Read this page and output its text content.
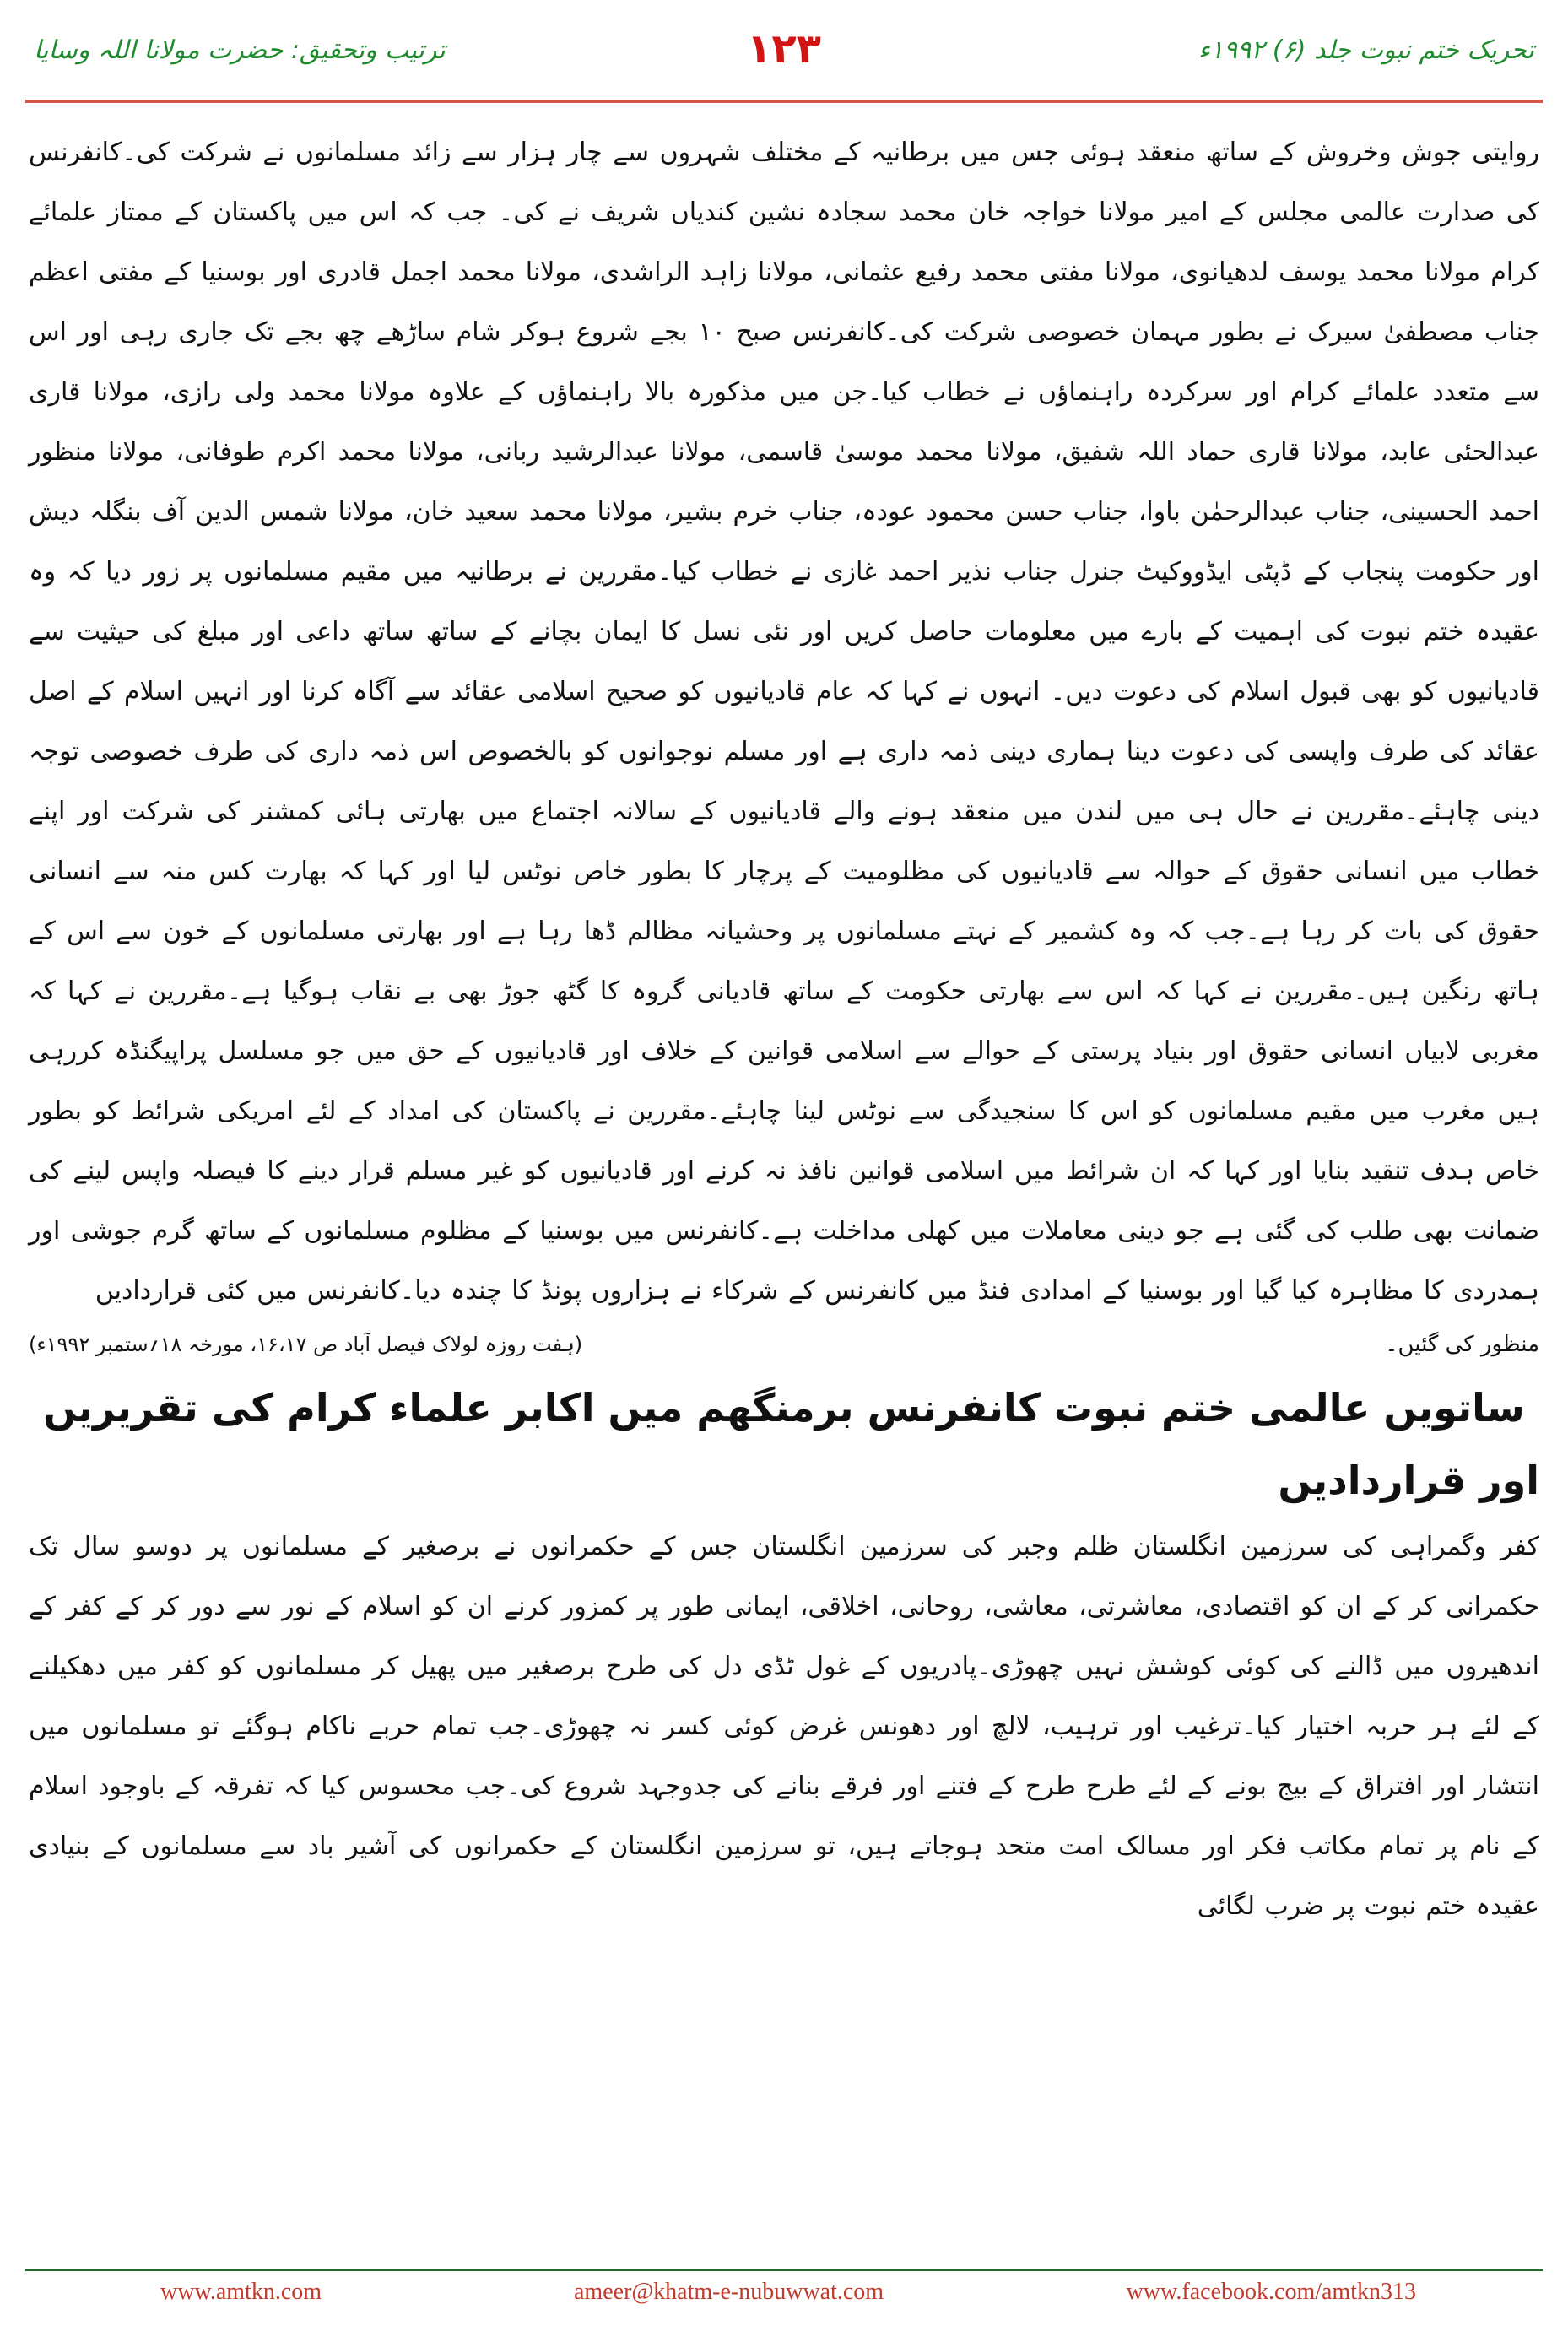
ترتیب وتحقیق: حضرت مولانا اللہ وسایا	۱۲۳	تحریک ختم نبوت جلد (۶) ۱۹۹۲ء

روایتی جوش وخروش کے ساتھ منعقد ہوئی جس میں برطانیہ کے مختلف شہروں سے چار ہزار سے زائد مسلمانوں نے شرکت کی۔کانفرنس کی صدارت عالمی مجلس کے امیر مولانا خواجہ خان محمد سجادہ نشین کندیاں شریف نے کی۔ جب کہ اس میں پاکستان کے ممتاز علمائے کرام مولانا محمد یوسف لدھیانوی، مولانا مفتی محمد رفیع عثمانی، مولانا زاہد الراشدی، مولانا محمد اجمل قادری اور بوسنیا کے مفتی اعظم جناب مصطفیٰ سیرک نے بطور مہمان خصوصی شرکت کی۔کانفرنس صبح ۱۰ بجے شروع ہوکر شام ساڑھے چھ بجے تک جاری رہی اور اس سے متعدد علمائے کرام اور سرکردہ راہنماؤں نے خطاب کیا۔جن میں مذکورہ بالا راہنماؤں کے علاوہ مولانا محمد ولی رازی، مولانا قاری عبدالحئی عابد، مولانا قاری حماد اللہ شفیق، مولانا محمد موسیٰ قاسمی، مولانا عبدالرشید ربانی، مولانا محمد اکرم طوفانی، مولانا منظور احمد الحسینی، جناب عبدالرحمٰن باوا، جناب حسن محمود عودہ، جناب خرم بشیر، مولانا محمد سعید خان، مولانا شمس الدین آف بنگلہ دیش اور حکومت پنجاب کے ڈپٹی ایڈووکیٹ جنرل جناب نذیر احمد غازی نے خطاب کیا۔مقررین نے برطانیہ میں مقیم مسلمانوں پر زور دیا کہ وہ عقیدہ ختم نبوت کی اہمیت کے بارے میں معلومات حاصل کریں اور نئی نسل کا ایمان بچانے کے ساتھ ساتھ داعی اور مبلغ کی حیثیت سے قادیانیوں کو بھی قبول اسلام کی دعوت دیں۔ انہوں نے کہا کہ عام قادیانیوں کو صحیح اسلامی عقائد سے آگاہ کرنا اور انہیں اسلام کے اصل عقائد کی طرف واپسی کی دعوت دینا ہماری دینی ذمہ داری ہے اور مسلم نوجوانوں کو بالخصوص اس ذمہ داری کی طرف خصوصی توجہ دینی چاہئے۔مقررین نے حال ہی میں لندن میں منعقد ہونے والے قادیانیوں کے سالانہ اجتماع میں بھارتی ہائی کمشنر کی شرکت اور اپنے خطاب میں انسانی حقوق کے حوالہ سے قادیانیوں کی مظلومیت کے پرچار کا بطور خاص نوٹس لیا اور کہا کہ بھارت کس منہ سے انسانی حقوق کی بات کر رہا ہے۔جب کہ وہ کشمیر کے نہتے مسلمانوں پر وحشیانہ مظالم ڈھا رہا ہے اور بھارتی مسلمانوں کے خون سے اس کے ہاتھ رنگین ہیں۔مقررین نے کہا کہ اس سے بھارتی حکومت کے ساتھ قادیانی گروہ کا گٹھ جوڑ بھی بے نقاب ہوگیا ہے۔مقررین نے کہا کہ مغربی لابیاں انسانی حقوق اور بنیاد پرستی کے حوالے سے اسلامی قوانین کے خلاف اور قادیانیوں کے حق میں جو مسلسل پراپیگنڈہ کررہی ہیں مغرب میں مقیم مسلمانوں کو اس کا سنجیدگی سے نوٹس لینا چاہئے۔مقررین نے پاکستان کی امداد کے لئے امریکی شرائط کو بطور خاص ہدف تنقید بنایا اور کہا کہ ان شرائط میں اسلامی قوانین نافذ نہ کرنے اور قادیانیوں کو غیر مسلم قرار دینے کا فیصلہ واپس لینے کی ضمانت بھی طلب کی گئی ہے جو دینی معاملات میں کھلی مداخلت ہے۔کانفرنس میں بوسنیا کے مظلوم مسلمانوں کے ساتھ گرم جوشی اور ہمدردی کا مظاہرہ کیا گیا اور بوسنیا کے امدادی فنڈ میں کانفرنس کے شرکاء نے ہزاروں پونڈ کا چندہ دیا۔کانفرنس میں کئی قراردادیں

منظور کی گئیں۔
(ہفت روزہ لولاک فیصل آباد ص ۱۶،۱۷، مورخہ ۱۸؍ستمبر ۱۹۹۲ء)
ساتویں عالمی ختم نبوت کانفرنس برمنگھم میں اکابر علماء کرام کی تقریریں اور قراردادیں

کفر وگمراہی کی سرزمین انگلستان ظلم وجبر کی سرزمین انگلستان جس کے حکمرانوں نے برصغیر کے مسلمانوں پر دوسو سال تک حکمرانی کر کے ان کو اقتصادی، معاشرتی، معاشی، روحانی، اخلاقی، ایمانی طور پر کمزور کرنے ان کو اسلام کے نور سے دور کر کے کفر کے اندھیروں میں ڈالنے کی کوئی کوشش نہیں چھوڑی۔پادریوں کے غول ٹڈی دل کی طرح برصغیر میں پھیل کر مسلمانوں کو کفر میں دھکیلنے کے لئے ہر حربہ اختیار کیا۔ترغیب اور ترہیب، لالچ اور دھونس غرض کوئی کسر نہ چھوڑی۔جب تمام حربے ناکام ہوگئے تو مسلمانوں میں انتشار اور افتراق کے بیج بونے کے لئے طرح طرح کے فتنے اور فرقے بنانے کی جدوجہد شروع کی۔جب محسوس کیا کہ تفرقہ کے باوجود اسلام کے نام پر تمام مکاتب فکر اور مسالک امت متحد ہوجاتے ہیں، تو سرزمین انگلستان کے حکمرانوں کی آشیر باد سے مسلمانوں کے بنیادی عقیدہ ختم نبوت پر ضرب لگائی

www.amtkn.com	ameer@khatm-e-nubuwwat.com	www.facebook.com/amtkn313
